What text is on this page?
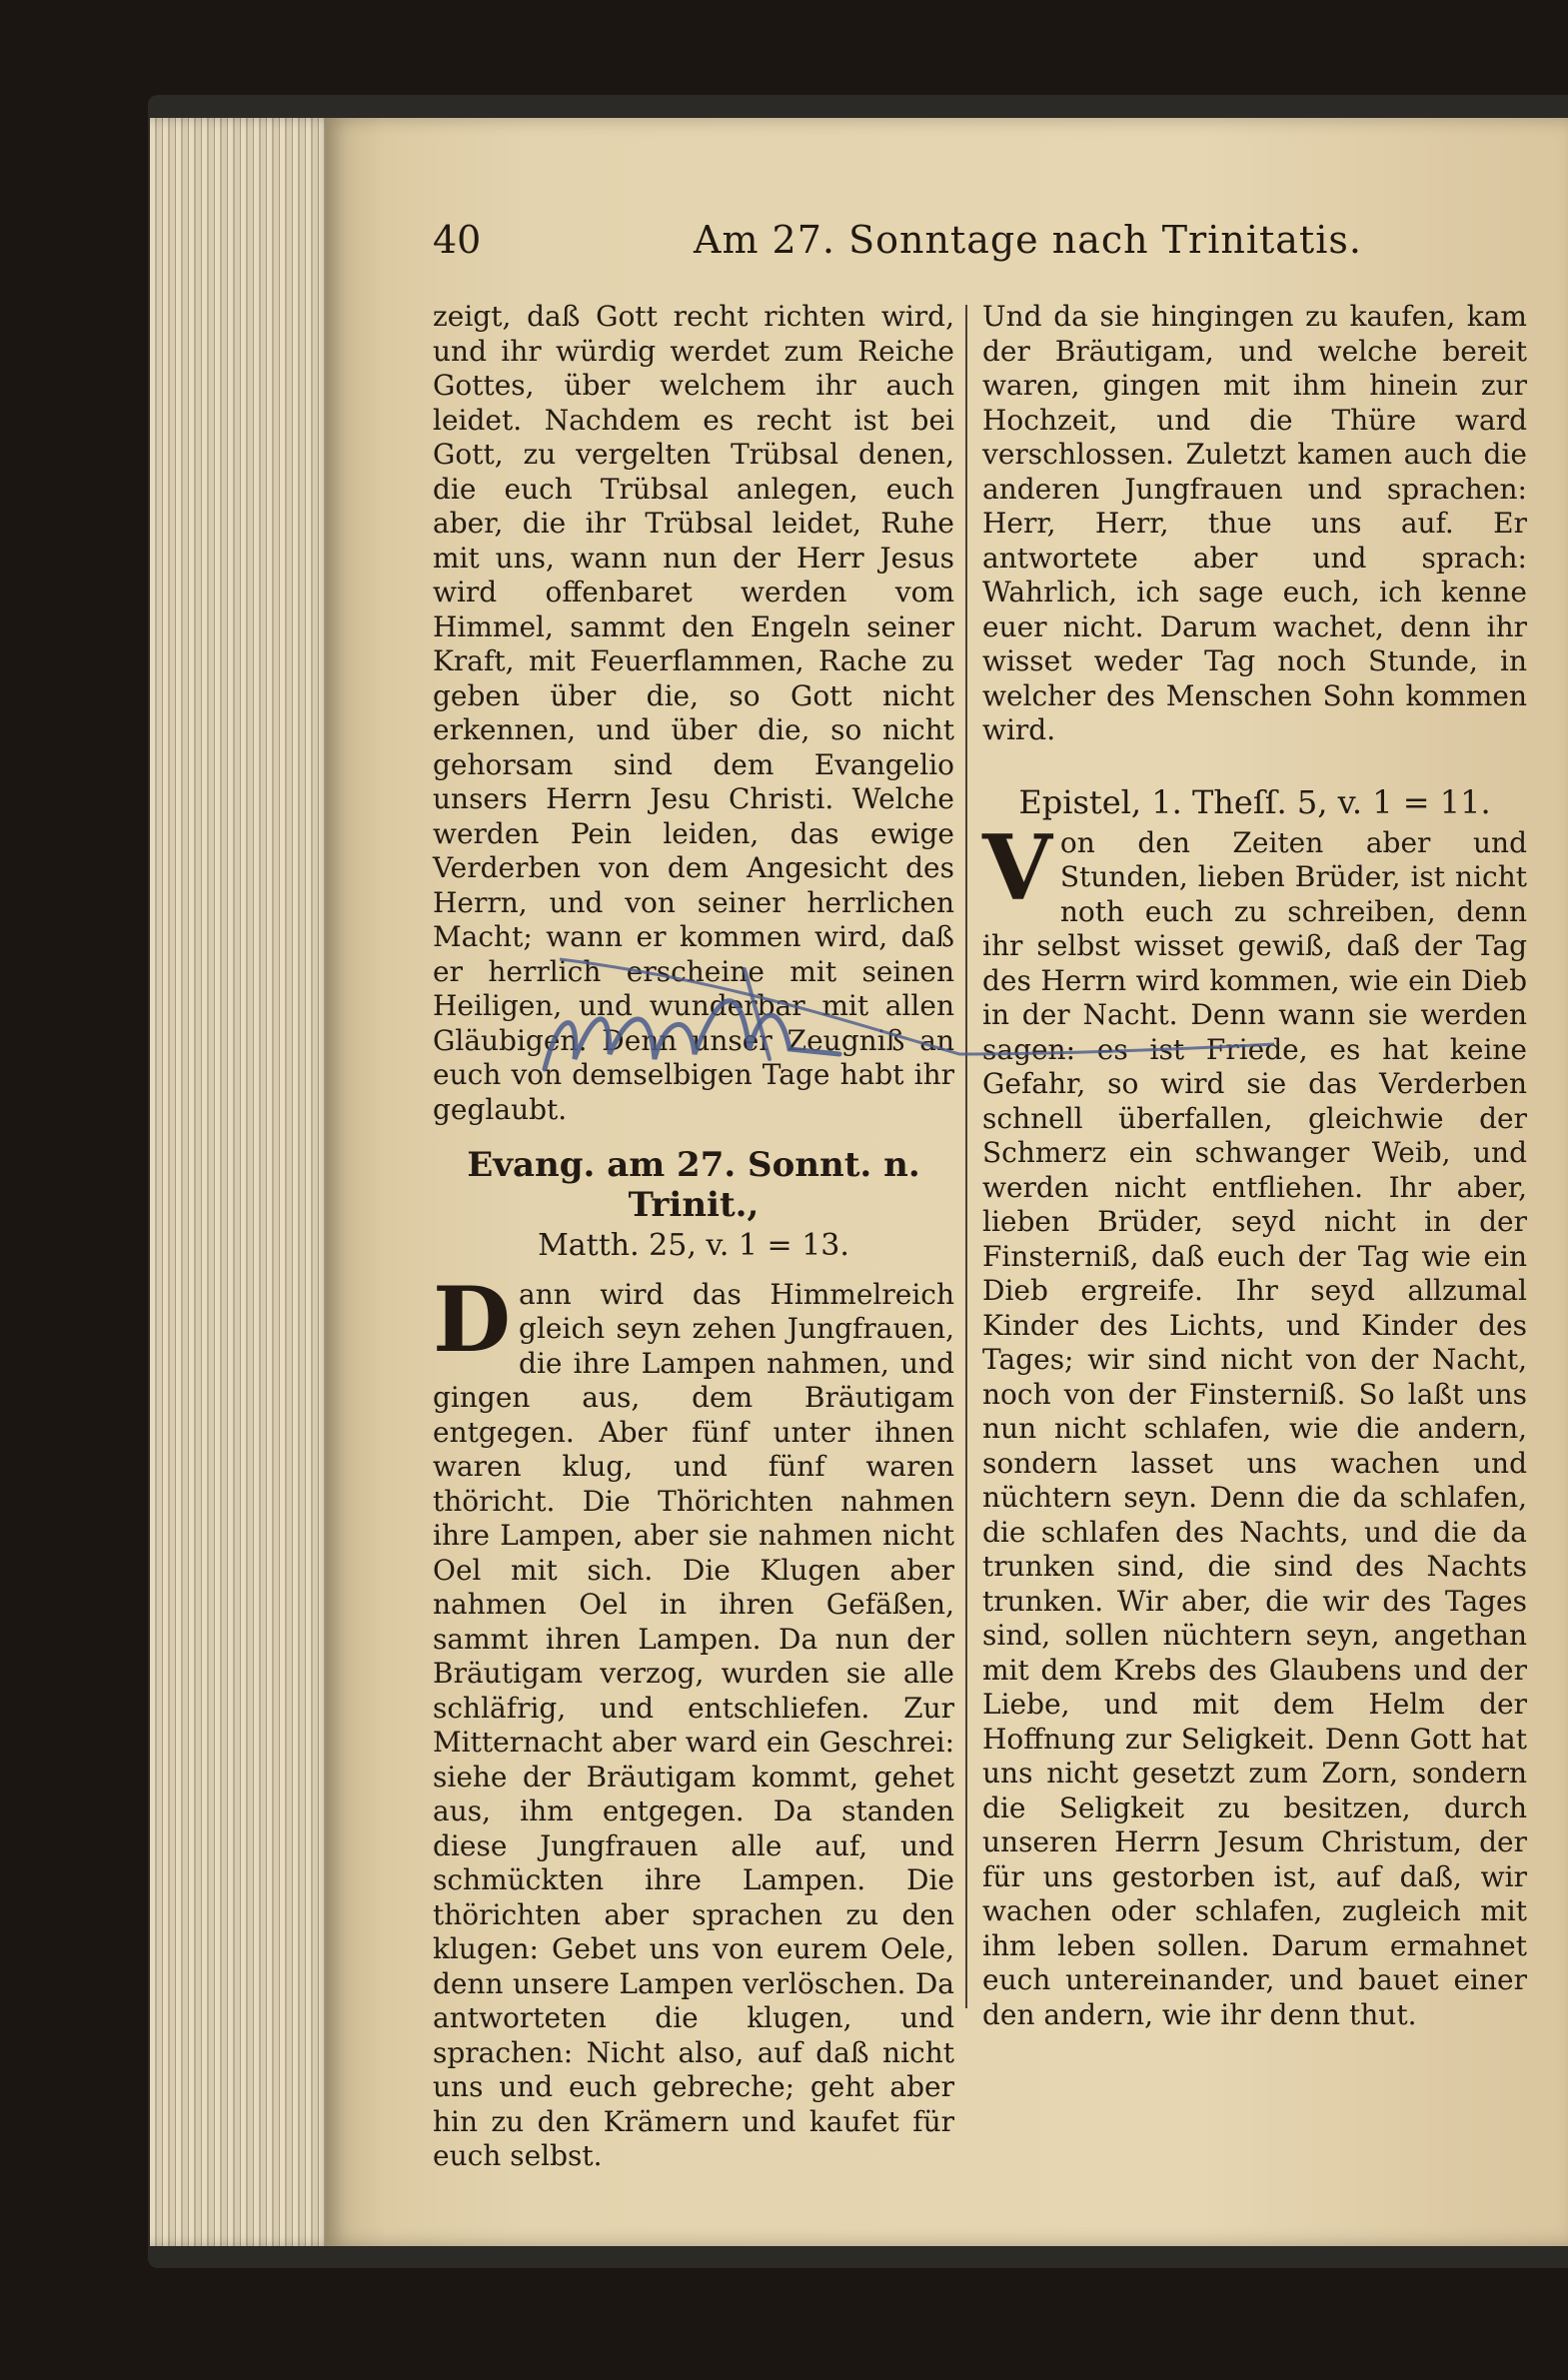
40	Am 27. Sonntage nach Trinitatis.

zeigt, daß Gott recht richten wird, und ihr würdig werdet zum Reiche Gottes, über welchem ihr auch leidet. Nachdem es recht ist bei Gott, zu vergelten Trübsal denen, die euch Trübsal anlegen, euch aber, die ihr Trübsal leidet, Ruhe mit uns, wann nun der Herr Jesus wird offenbaret werden vom Himmel, sammt den Engeln seiner Kraft, mit Feuerflammen, Rache zu geben über die, so Gott nicht erkennen, und über die, so nicht gehorsam sind dem Evangelio unsers Herrn Jesu Christi. Welche werden Pein leiden, das ewige Verderben von dem Angesicht des Herrn, und von seiner herrlichen Macht; wann er kommen wird, daß er herrlich erscheine mit seinen Heiligen, und wunderbar mit allen Gläubigen. Denn unser Zeugniß an euch von demselbigen Tage habt ihr geglaubt.

Evang. am 27. Sonnt. n. Trinit.,
Matth. 25, v. 1 = 13.

Dann wird das Himmelreich gleich seyn zehen Jungfrauen, die ihre Lampen nahmen, und gingen aus, dem Bräutigam entgegen. Aber fünf unter ihnen waren klug, und fünf waren thöricht. Die Thörichten nahmen ihre Lampen, aber sie nahmen nicht Oel mit sich. Die Klugen aber nahmen Oel in ihren Gefäßen, sammt ihren Lampen. Da nun der Bräutigam verzog, wurden sie alle schläfrig, und entschliefen. Zur Mitternacht aber ward ein Geschrei: siehe der Bräutigam kommt, gehet aus, ihm entgegen. Da standen diese Jungfrauen alle auf, und schmückten ihre Lampen. Die thörichten aber sprachen zu den klugen: Gebet uns von eurem Oele, denn unsere Lampen verlöschen. Da antworteten die klugen, und sprachen: Nicht also, auf daß nicht uns und euch gebreche; geht aber hin zu den Krämern und kaufet für euch selbst.

Und da sie hingingen zu kaufen, kam der Bräutigam, und welche bereit waren, gingen mit ihm hinein zur Hochzeit, und die Thüre ward verschlossen. Zuletzt kamen auch die anderen Jungfrauen und sprachen: Herr, Herr, thue uns auf. Er antwortete aber und sprach: Wahrlich, ich sage euch, ich kenne euer nicht. Darum wachet, denn ihr wisset weder Tag noch Stunde, in welcher des Menschen Sohn kommen wird.

Epistel, 1. Theſſ. 5, v. 1 = 11.

Von den Zeiten aber und Stunden, lieben Brüder, ist nicht noth euch zu schreiben, denn ihr selbst wisset gewiß, daß der Tag des Herrn wird kommen, wie ein Dieb in der Nacht. Denn wann sie werden sagen: es ist Friede, es hat keine Gefahr, so wird sie das Verderben schnell überfallen, gleichwie der Schmerz ein schwanger Weib, und werden nicht entfliehen. Ihr aber, lieben Brüder, seyd nicht in der Finsterniß, daß euch der Tag wie ein Dieb ergreife. Ihr seyd allzumal Kinder des Lichts, und Kinder des Tages; wir sind nicht von der Nacht, noch von der Finsterniß. So laßt uns nun nicht schlafen, wie die andern, sondern lasset uns wachen und nüchtern seyn. Denn die da schlafen, die schlafen des Nachts, und die da trunken sind, die sind des Nachts trunken. Wir aber, die wir des Tages sind, sollen nüchtern seyn, angethan mit dem Krebs des Glaubens und der Liebe, und mit dem Helm der Hoffnung zur Seligkeit. Denn Gott hat uns nicht gesetzt zum Zorn, sondern die Seligkeit zu besitzen, durch unseren Herrn Jesum Christum, der für uns gestorben ist, auf daß, wir wachen oder schlafen, zugleich mit ihm leben sollen. Darum ermahnet euch untereinander, und bauet einer den andern, wie ihr denn thut.
